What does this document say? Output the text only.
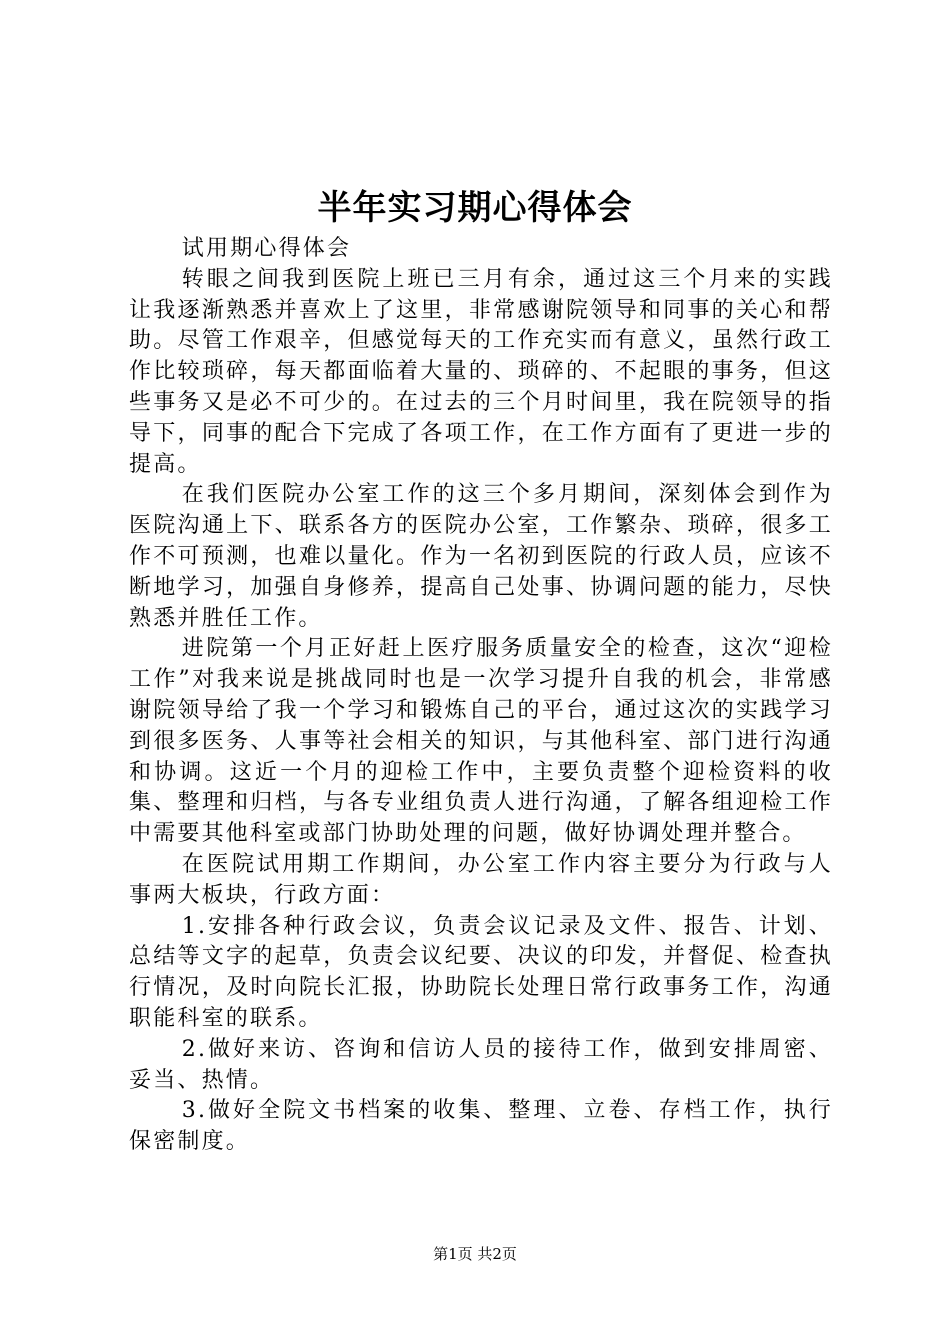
半年实习期心得体会

试用期心得体会

转眼之间我到医院上班已三月有余，通过这三个月来的实践让我逐渐熟悉并喜欢上了这里，非常感谢院领导和同事的关心和帮助。尽管工作艰辛，但感觉每天的工作充实而有意义，虽然行政工作比较琐碎，每天都面临着大量的、琐碎的、不起眼的事务，但这些事务又是必不可少的。在过去的三个月时间里，我在院领导的指导下，同事的配合下完成了各项工作，在工作方面有了更进一步的提高。

在我们医院办公室工作的这三个多月期间，深刻体会到作为医院沟通上下、联系各方的医院办公室，工作繁杂、琐碎，很多工作不可预测，也难以量化。作为一名初到医院的行政人员，应该不断地学习，加强自身修养，提高自己处事、协调问题的能力，尽快熟悉并胜任工作。

进院第一个月正好赶上医疗服务质量安全的检查，这次“迎检工作”对我来说是挑战同时也是一次学习提升自我的机会，非常感谢院领导给了我一个学习和锻炼自己的平台，通过这次的实践学习到很多医务、人事等社会相关的知识，与其他科室、部门进行沟通和协调。这近一个月的迎检工作中，主要负责整个迎检资料的收集、整理和归档，与各专业组负责人进行沟通，了解各组迎检工作中需要其他科室或部门协助处理的问题，做好协调处理并整合。

在医院试用期工作期间，办公室工作内容主要分为行政与人事两大板块，行政方面：

1.安排各种行政会议，负责会议记录及文件、报告、计划、总结等文字的起草，负责会议纪要、决议的印发，并督促、检查执行情况，及时向院长汇报，协助院长处理日常行政事务工作，沟通职能科室的联系。

2.做好来访、咨询和信访人员的接待工作，做到安排周密、妥当、热情。

3.做好全院文书档案的收集、整理、立卷、存档工作，执行保密制度。

第1页 共2页
